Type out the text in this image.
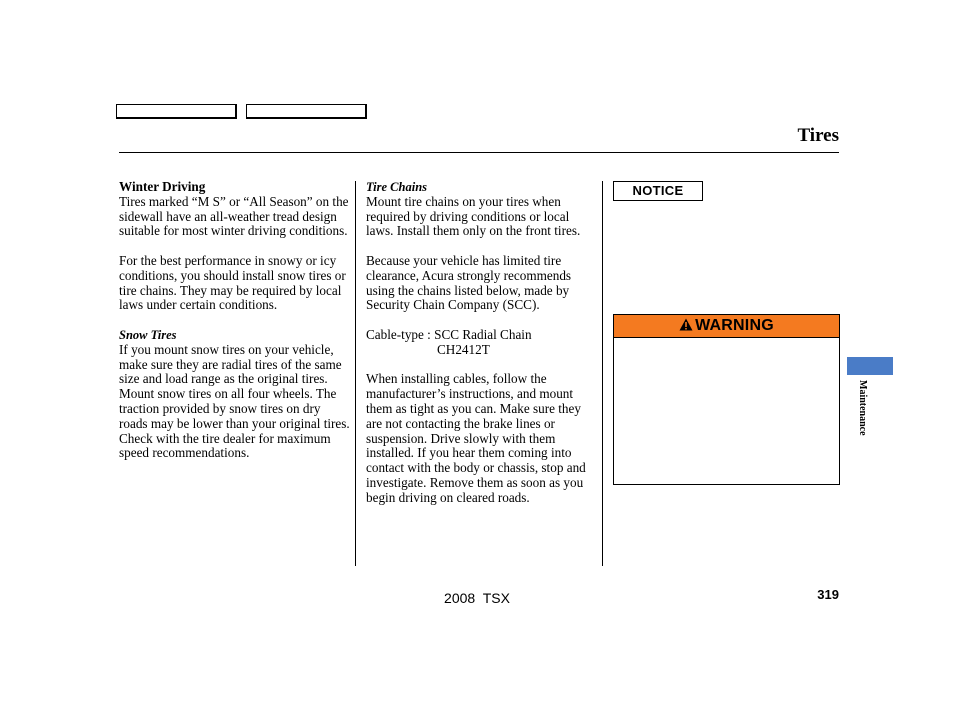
Tires
Winter Driving
Tires marked “M S” or “All Season” on the sidewall have an all-weather tread design suitable for most winter driving conditions.
For the best performance in snowy or icy conditions, you should install snow tires or tire chains. They may be required by local laws under certain conditions.
Snow Tires
If you mount snow tires on your vehicle, make sure they are radial tires of the same size and load range as the original tires. Mount snow tires on all four wheels. The traction provided by snow tires on dry roads may be lower than your original tires. Check with the tire dealer for maximum speed recommendations.
Tire Chains
Mount tire chains on your tires when required by driving conditions or local laws. Install them only on the front tires.
Because your vehicle has limited tire clearance, Acura strongly recommends using the chains listed below, made by Security Chain Company (SCC).
Cable-type : SCC Radial Chain
CH2412T
When installing cables, follow the manufacturer’s instructions, and mount them as tight as you can. Make sure they are not contacting the brake lines or suspension. Drive slowly with them installed. If you hear them coming into contact with the body or chassis, stop and investigate. Remove them as soon as you begin driving on cleared roads.
NOTICE
WARNING
Maintenance
2008  TSX	319
